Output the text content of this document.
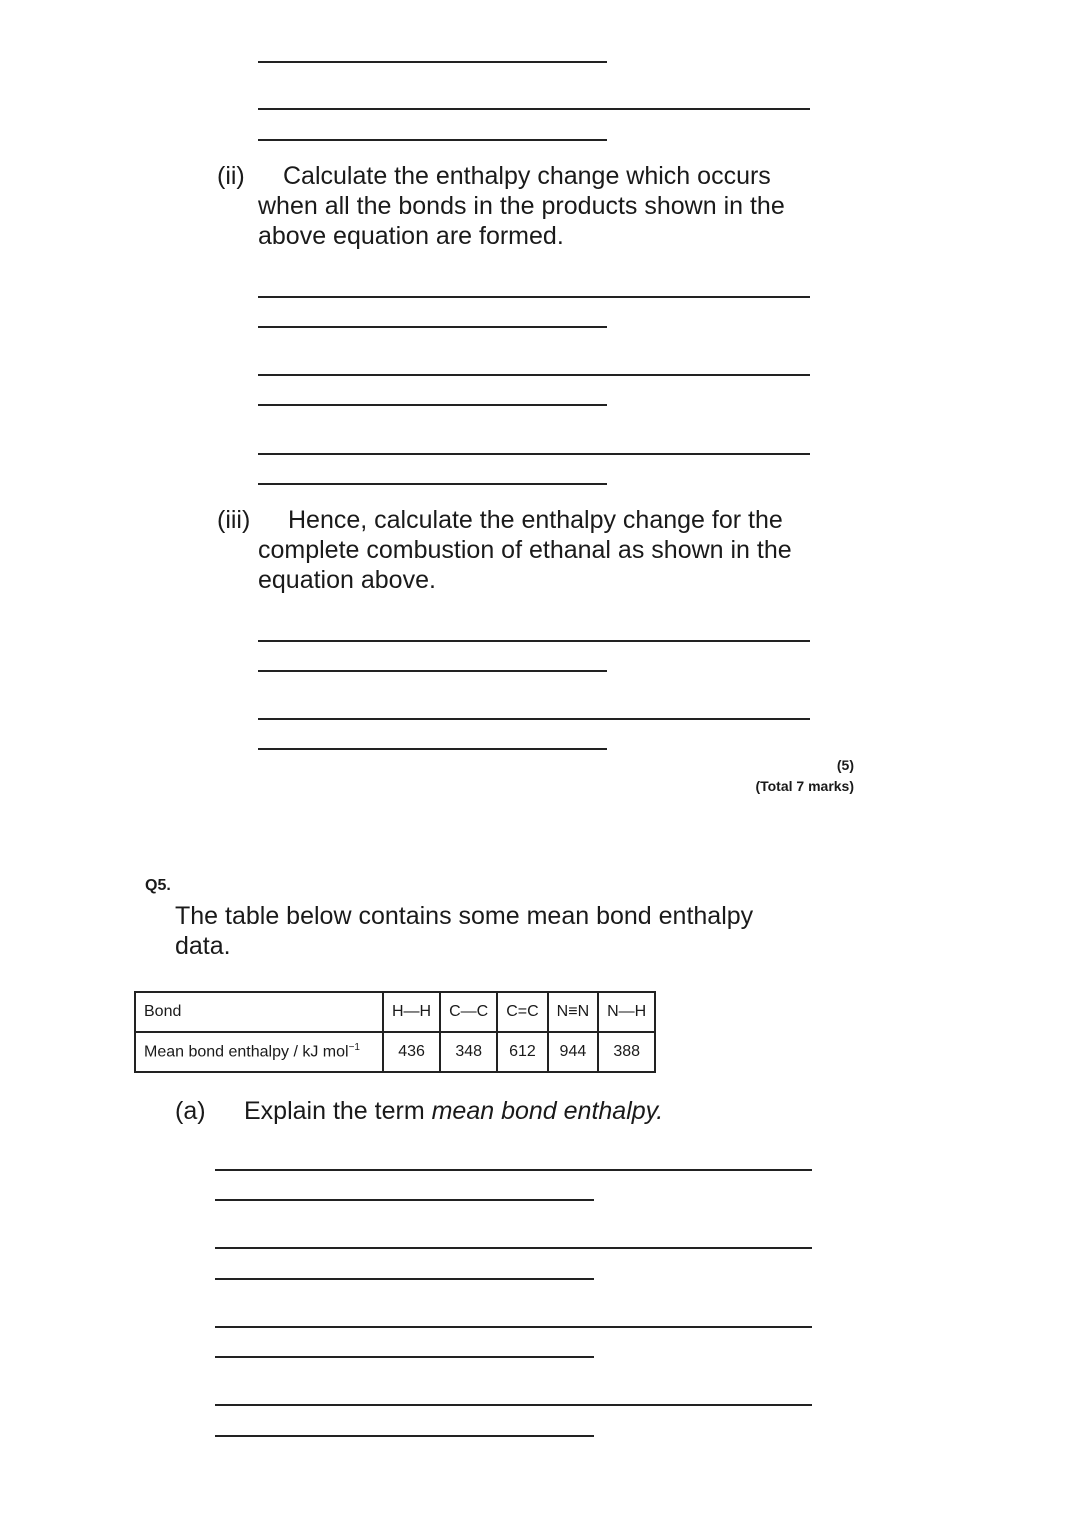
(ii)	Calculate the enthalpy change which occurs when all the bonds in the products shown in the above equation are formed.

(iii)	Hence, calculate the enthalpy change for the complete combustion of ethanal as shown in the equation above.

(5)
(Total 7 marks)
Q5.

The table below contains some mean bond enthalpy data.

Bond	H—H	C—C	C=C	N≡N	N—H
Mean bond enthalpy / kJ mol$^{-1}$	436	348	612	944	388
(a) Explain the term mean bond enthalpy.
